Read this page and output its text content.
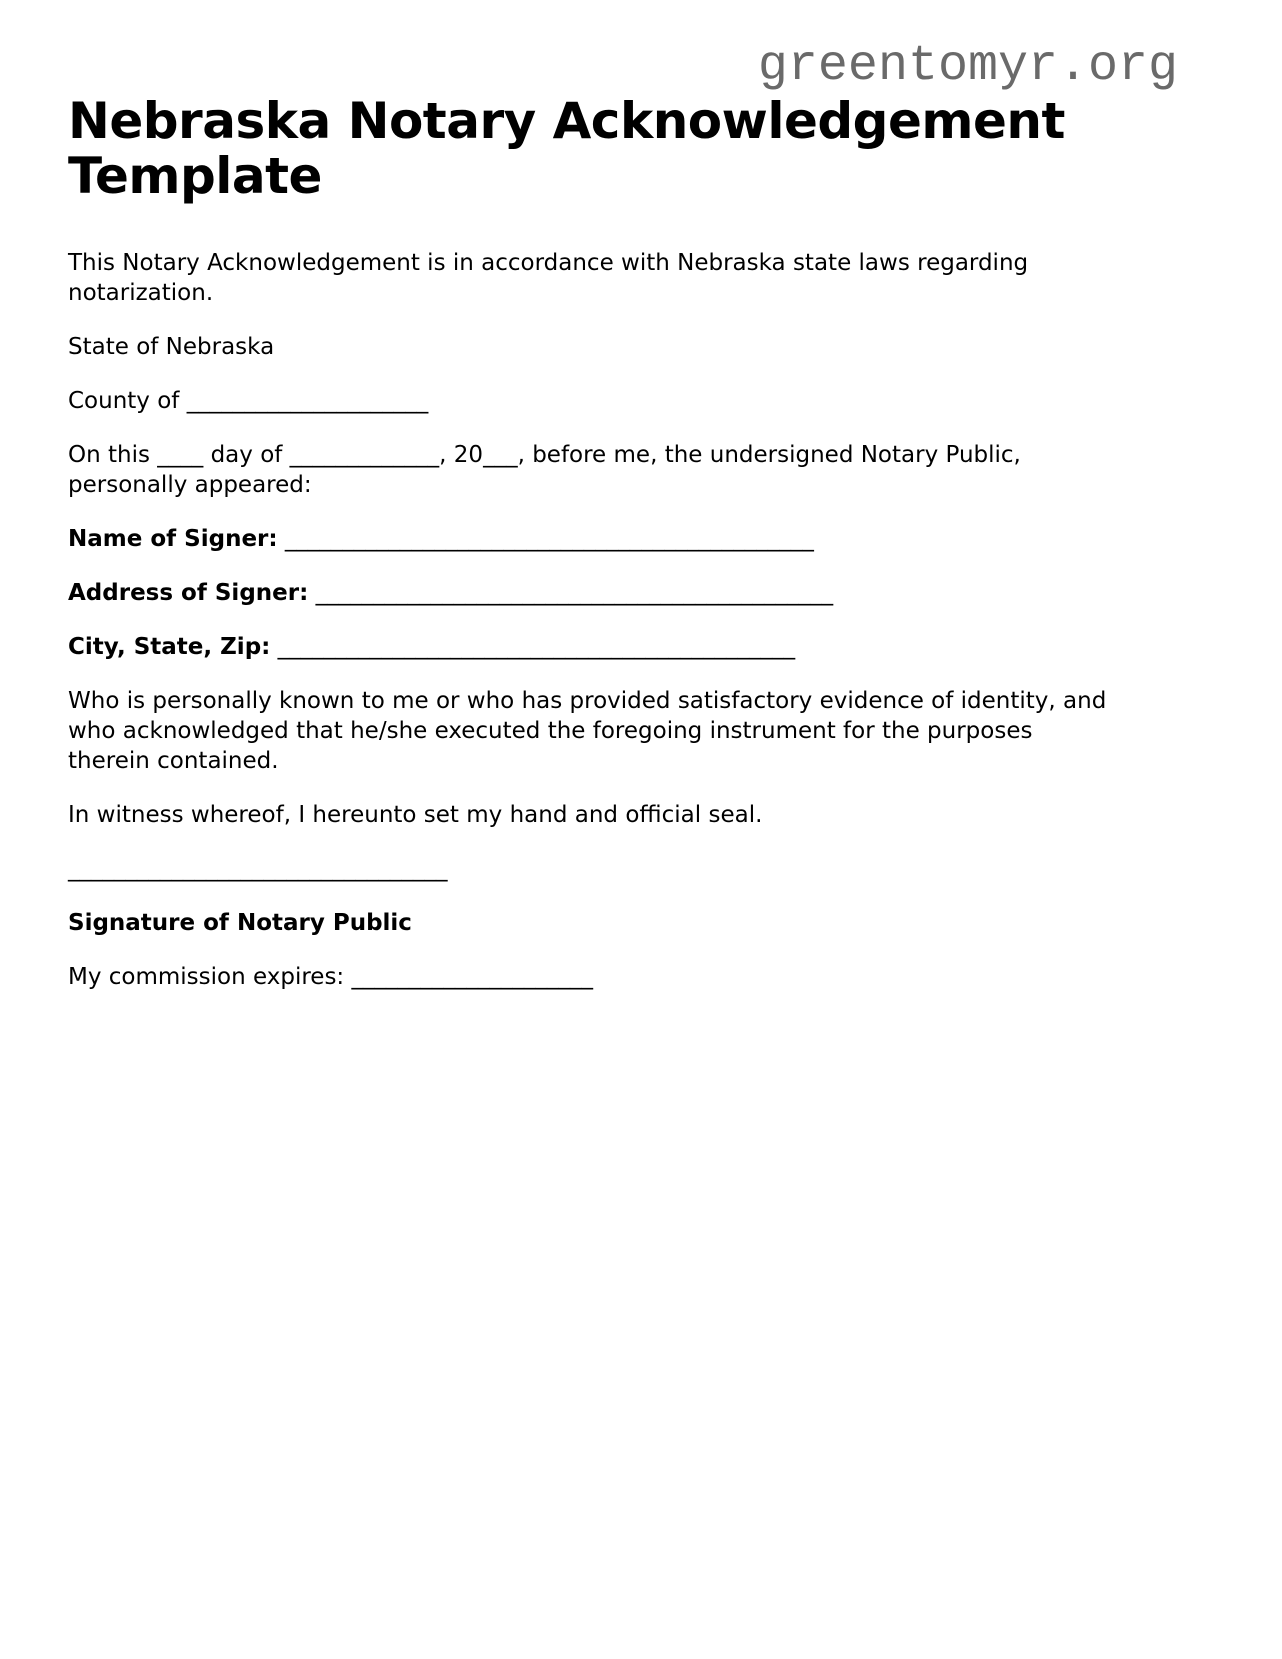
greentomyr.org
Nebraska Notary Acknowledgement
Template

This Notary Acknowledgement is in accordance with Nebraska state laws regarding
notarization.

State of Nebraska

County of _____________________

On this ____ day of _____________, 20___, before me, the undersigned Notary Public,
personally appeared:

Name of Signer: ______________________________________________

Address of Signer: _____________________________________________

City, State, Zip: _____________________________________________

Who is personally known to me or who has provided satisfactory evidence of identity, and
who acknowledged that he/she executed the foregoing instrument for the purposes
therein contained.

In witness whereof, I hereunto set my hand and official seal.

_________________________________

Signature of Notary Public

My commission expires: _____________________
